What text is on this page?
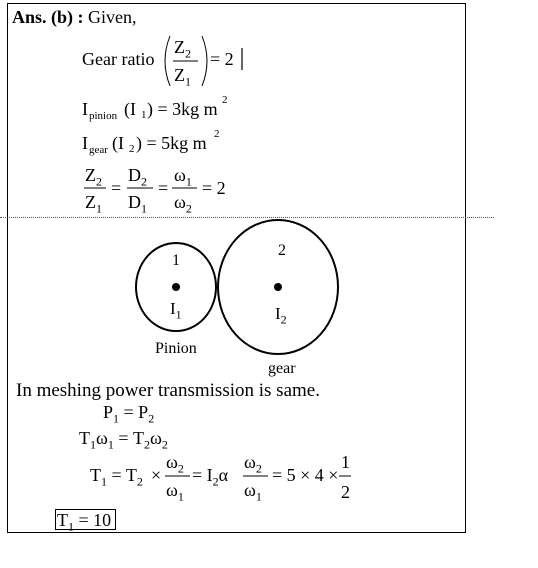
Ans. (b) : Given,
Gear ratio
$Z_2$
$Z_1$
= 2
I pinion (I 1 ) = 3kg m 2
I gear (I 2 ) = 5kg m 2
$Z_2$
$Z_1$
=
$D_2$
$D_1$
=
$\omega_1$
$\omega_2$
= 2
1
$I_1$
Pinion
2
$I_2$
gear
In meshing power transmission is same.
$P_1 = P_2$
$T_1\omega_1 = T_2\omega_2$
$T_1 = T_2$ ×
$\omega_2$
$\omega_1$
= $I_2\alpha$
$\omega_2$
$\omega_1$
= 5 × 4 ×
1
2
$T_1 = 10$
